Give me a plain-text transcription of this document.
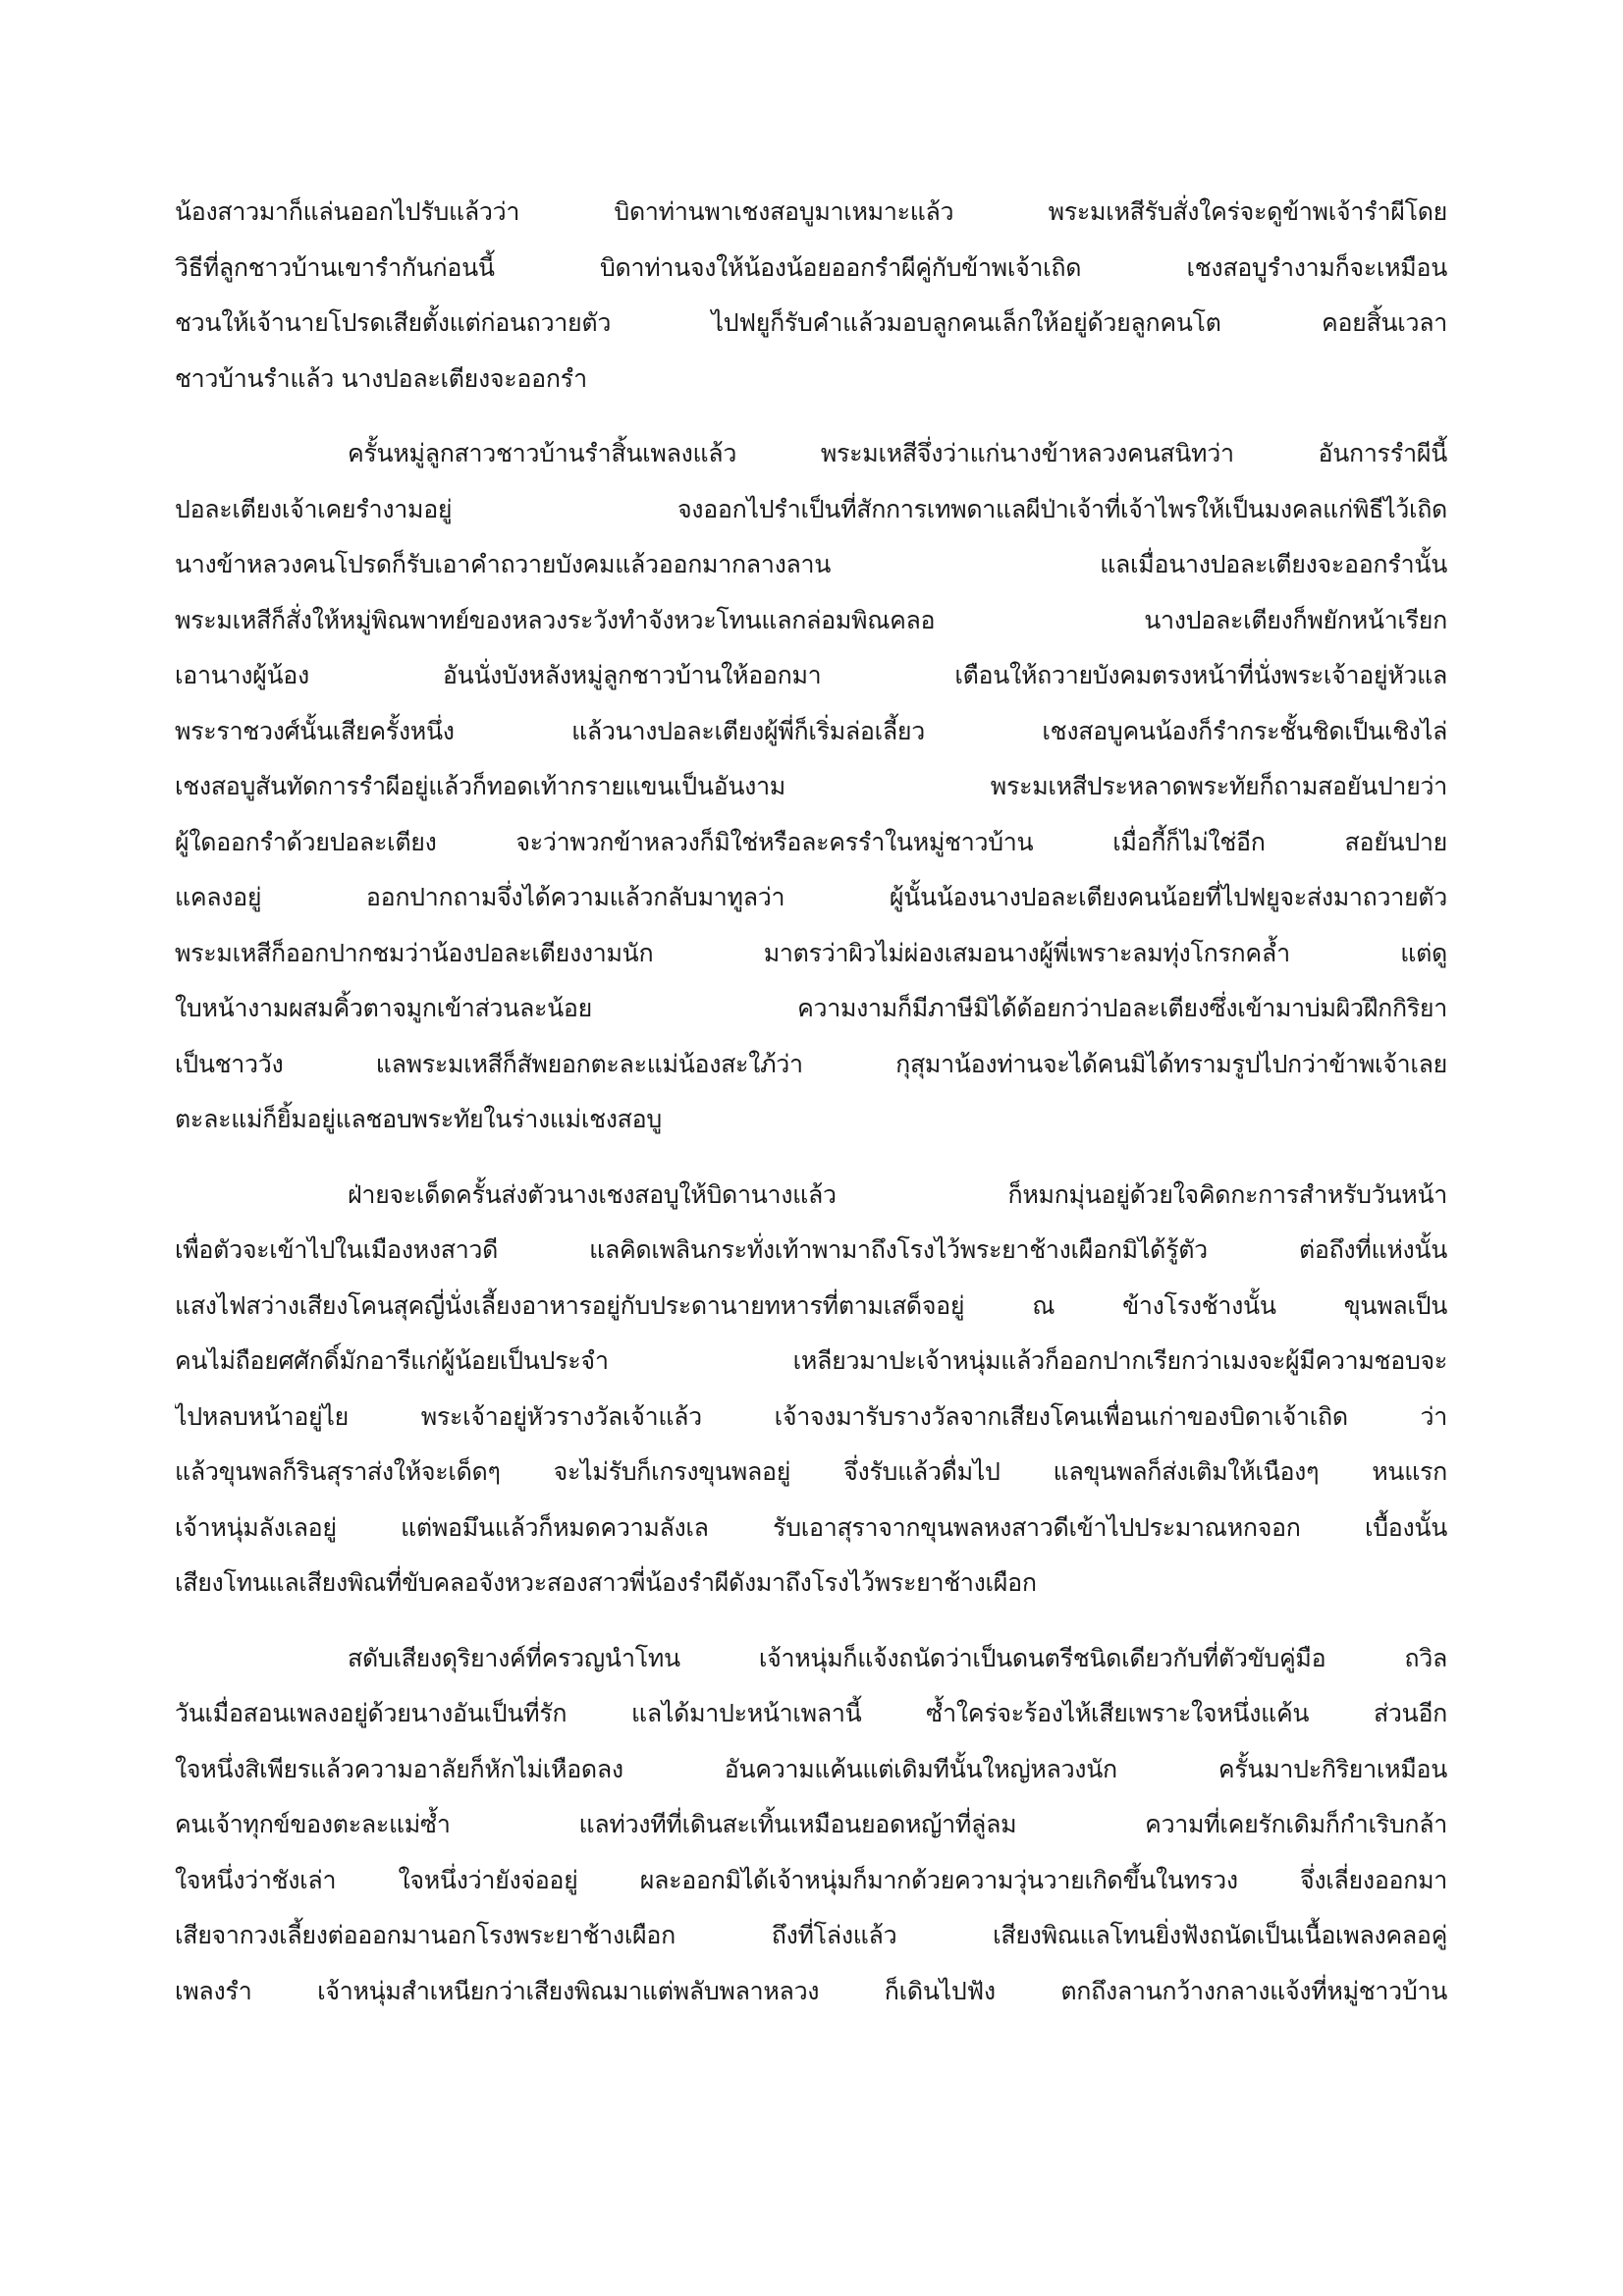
น้องสาวมาก็แล่นออกไปรับแล้วว่า บิดาท่านพาเชงสอบูมาเหมาะแล้ว พระมเหสีรับสั่งใคร่จะดูข้าพเจ้ารำผีโดย
วิธีที่ลูกชาวบ้านเขารำกันก่อนนี้ บิดาท่านจงให้น้องน้อยออกรำผีคู่กับข้าพเจ้าเถิด เชงสอบูรำงามก็จะเหมือน
ชวนให้เจ้านายโปรดเสียตั้งแต่ก่อนถวายตัว ไปฟยูก็รับคำแล้วมอบลูกคนเล็กให้อยู่ด้วยลูกคนโต คอยสิ้นเวลา
ชาวบ้านรำแล้ว นางปอละเตียงจะออกรำ

ครั้นหมู่ลูกสาวชาวบ้านรำสิ้นเพลงแล้ว พระมเหสีจึ่งว่าแก่นางข้าหลวงคนสนิทว่า อันการรำผีนี้
ปอละเตียงเจ้าเคยรำงามอยู่ จงออกไปรำเป็นที่สักการเทพดาแลผีป่าเจ้าที่เจ้าไพรให้เป็นมงคลแก่พิธีไว้เถิด
นางข้าหลวงคนโปรดก็รับเอาคำถวายบังคมแล้วออกมากลางลาน แลเมื่อนางปอละเตียงจะออกรำนั้น
พระมเหสีก็สั่งให้หมู่พิณพาทย์ของหลวงระวังทำจังหวะโทนแลกล่อมพิณคลอ นางปอละเตียงก็พยักหน้าเรียก
เอานางผู้น้อง อันนั่งบังหลังหมู่ลูกชาวบ้านให้ออกมา เตือนให้ถวายบังคมตรงหน้าที่นั่งพระเจ้าอยู่หัวแล
พระราชวงศ์นั้นเสียครั้งหนึ่ง แล้วนางปอละเตียงผู้พี่ก็เริ่มล่อเลี้ยว เชงสอบูคนน้องก็รำกระชั้นชิดเป็นเชิงไล่
เชงสอบูสันทัดการรำผีอยู่แล้วก็ทอดเท้ากรายแขนเป็นอันงาม พระมเหสีประหลาดพระทัยก็ถามสอยันปายว่า
ผู้ใดออกรำด้วยปอละเตียง จะว่าพวกข้าหลวงก็มิใช่หรือละครรำในหมู่ชาวบ้าน เมื่อกี้ก็ไม่ใช่อีก สอยันปาย
แคลงอยู่ ออกปากถามจึ่งได้ความแล้วกลับมาทูลว่า ผู้นั้นน้องนางปอละเตียงคนน้อยที่ไปฟยูจะส่งมาถวายตัว
พระมเหสีก็ออกปากชมว่าน้องปอละเตียงงามนัก มาตรว่าผิวไม่ผ่องเสมอนางผู้พี่เพราะลมทุ่งโกรกคล้ำ แต่ดู
ใบหน้างามผสมคิ้วตาจมูกเข้าส่วนละน้อย ความงามก็มีภาษีมิได้ด้อยกว่าปอละเตียงซึ่งเข้ามาบ่มผิวฝึกกิริยา
เป็นชาววัง แลพระมเหสีก็สัพยอกตะละแม่น้องสะใภ้ว่า กุสุมาน้องท่านจะได้คนมิได้ทรามรูปไปกว่าข้าพเจ้าเลย
ตะละแม่ก็ยิ้มอยู่แลชอบพระทัยในร่างแม่เชงสอบู

ฝ่ายจะเด็ดครั้นส่งตัวนางเชงสอบูให้บิดานางแล้ว ก็หมกมุ่นอยู่ด้วยใจคิดกะการสำหรับวันหน้า
เพื่อตัวจะเข้าไปในเมืองหงสาวดี แลคิดเพลินกระทั่งเท้าพามาถึงโรงไว้พระยาช้างเผือกมิได้รู้ตัว ต่อถึงที่แห่งนั้น
แสงไฟสว่างเสียงโคนสุคญี่นั่งเลี้ยงอาหารอยู่กับประดานายทหารที่ตามเสด็จอยู่ ณ ข้างโรงช้างนั้น ขุนพลเป็น
คนไม่ถือยศศักดิ์มักอารีแก่ผู้น้อยเป็นประจำ เหลียวมาปะเจ้าหนุ่มแล้วก็ออกปากเรียกว่าเมงจะผู้มีความชอบจะ
ไปหลบหน้าอยู่ไย พระเจ้าอยู่หัวรางวัลเจ้าแล้ว เจ้าจงมารับรางวัลจากเสียงโคนเพื่อนเก่าของบิดาเจ้าเถิด ว่า
แล้วขุนพลก็รินสุราส่งให้จะเด็ดๆ จะไม่รับก็เกรงขุนพลอยู่ จึ่งรับแล้วดื่มไป แลขุนพลก็ส่งเติมให้เนืองๆ หนแรก
เจ้าหนุ่มลังเลอยู่ แต่พอมึนแล้วก็หมดความลังเล รับเอาสุราจากขุนพลหงสาวดีเข้าไปประมาณหกจอก เบื้องนั้น
เสียงโทนแลเสียงพิณที่ขับคลอจังหวะสองสาวพี่น้องรำผีดังมาถึงโรงไว้พระยาช้างเผือก

สดับเสียงดุริยางค์ที่ครวญนำโทน เจ้าหนุ่มก็แจ้งถนัดว่าเป็นดนตรีชนิดเดียวกับที่ตัวขับคู่มือ ถวิล
วันเมื่อสอนเพลงอยู่ด้วยนางอันเป็นที่รัก แลได้มาปะหน้าเพลานี้ ซ้ำใคร่จะร้องไห้เสียเพราะใจหนึ่งแค้น ส่วนอีก
ใจหนึ่งสิเพียรแล้วความอาลัยก็หักไม่เหือดลง อันความแค้นแต่เดิมทีนั้นใหญ่หลวงนัก ครั้นมาปะกิริยาเหมือน
คนเจ้าทุกข์ของตะละแม่ซ้ำ แลท่วงทีที่เดินสะเทิ้นเหมือนยอดหญ้าที่ลู่ลม ความที่เคยรักเดิมก็กำเริบกล้า
ใจหนึ่งว่าชังเล่า ใจหนึ่งว่ายังจ่ออยู่ ผละออกมิได้เจ้าหนุ่มก็มากด้วยความวุ่นวายเกิดขึ้นในทรวง จึ่งเลี่ยงออกมา
เสียจากวงเลี้ยงต่อออกมานอกโรงพระยาช้างเผือก ถึงที่โล่งแล้ว เสียงพิณแลโทนยิ่งฟังถนัดเป็นเนื้อเพลงคลอคู่
เพลงรำ เจ้าหนุ่มสำเหนียกว่าเสียงพิณมาแต่พลับพลาหลวง ก็เดินไปฟัง ตกถึงลานกว้างกลางแจ้งที่หมู่ชาวบ้าน
